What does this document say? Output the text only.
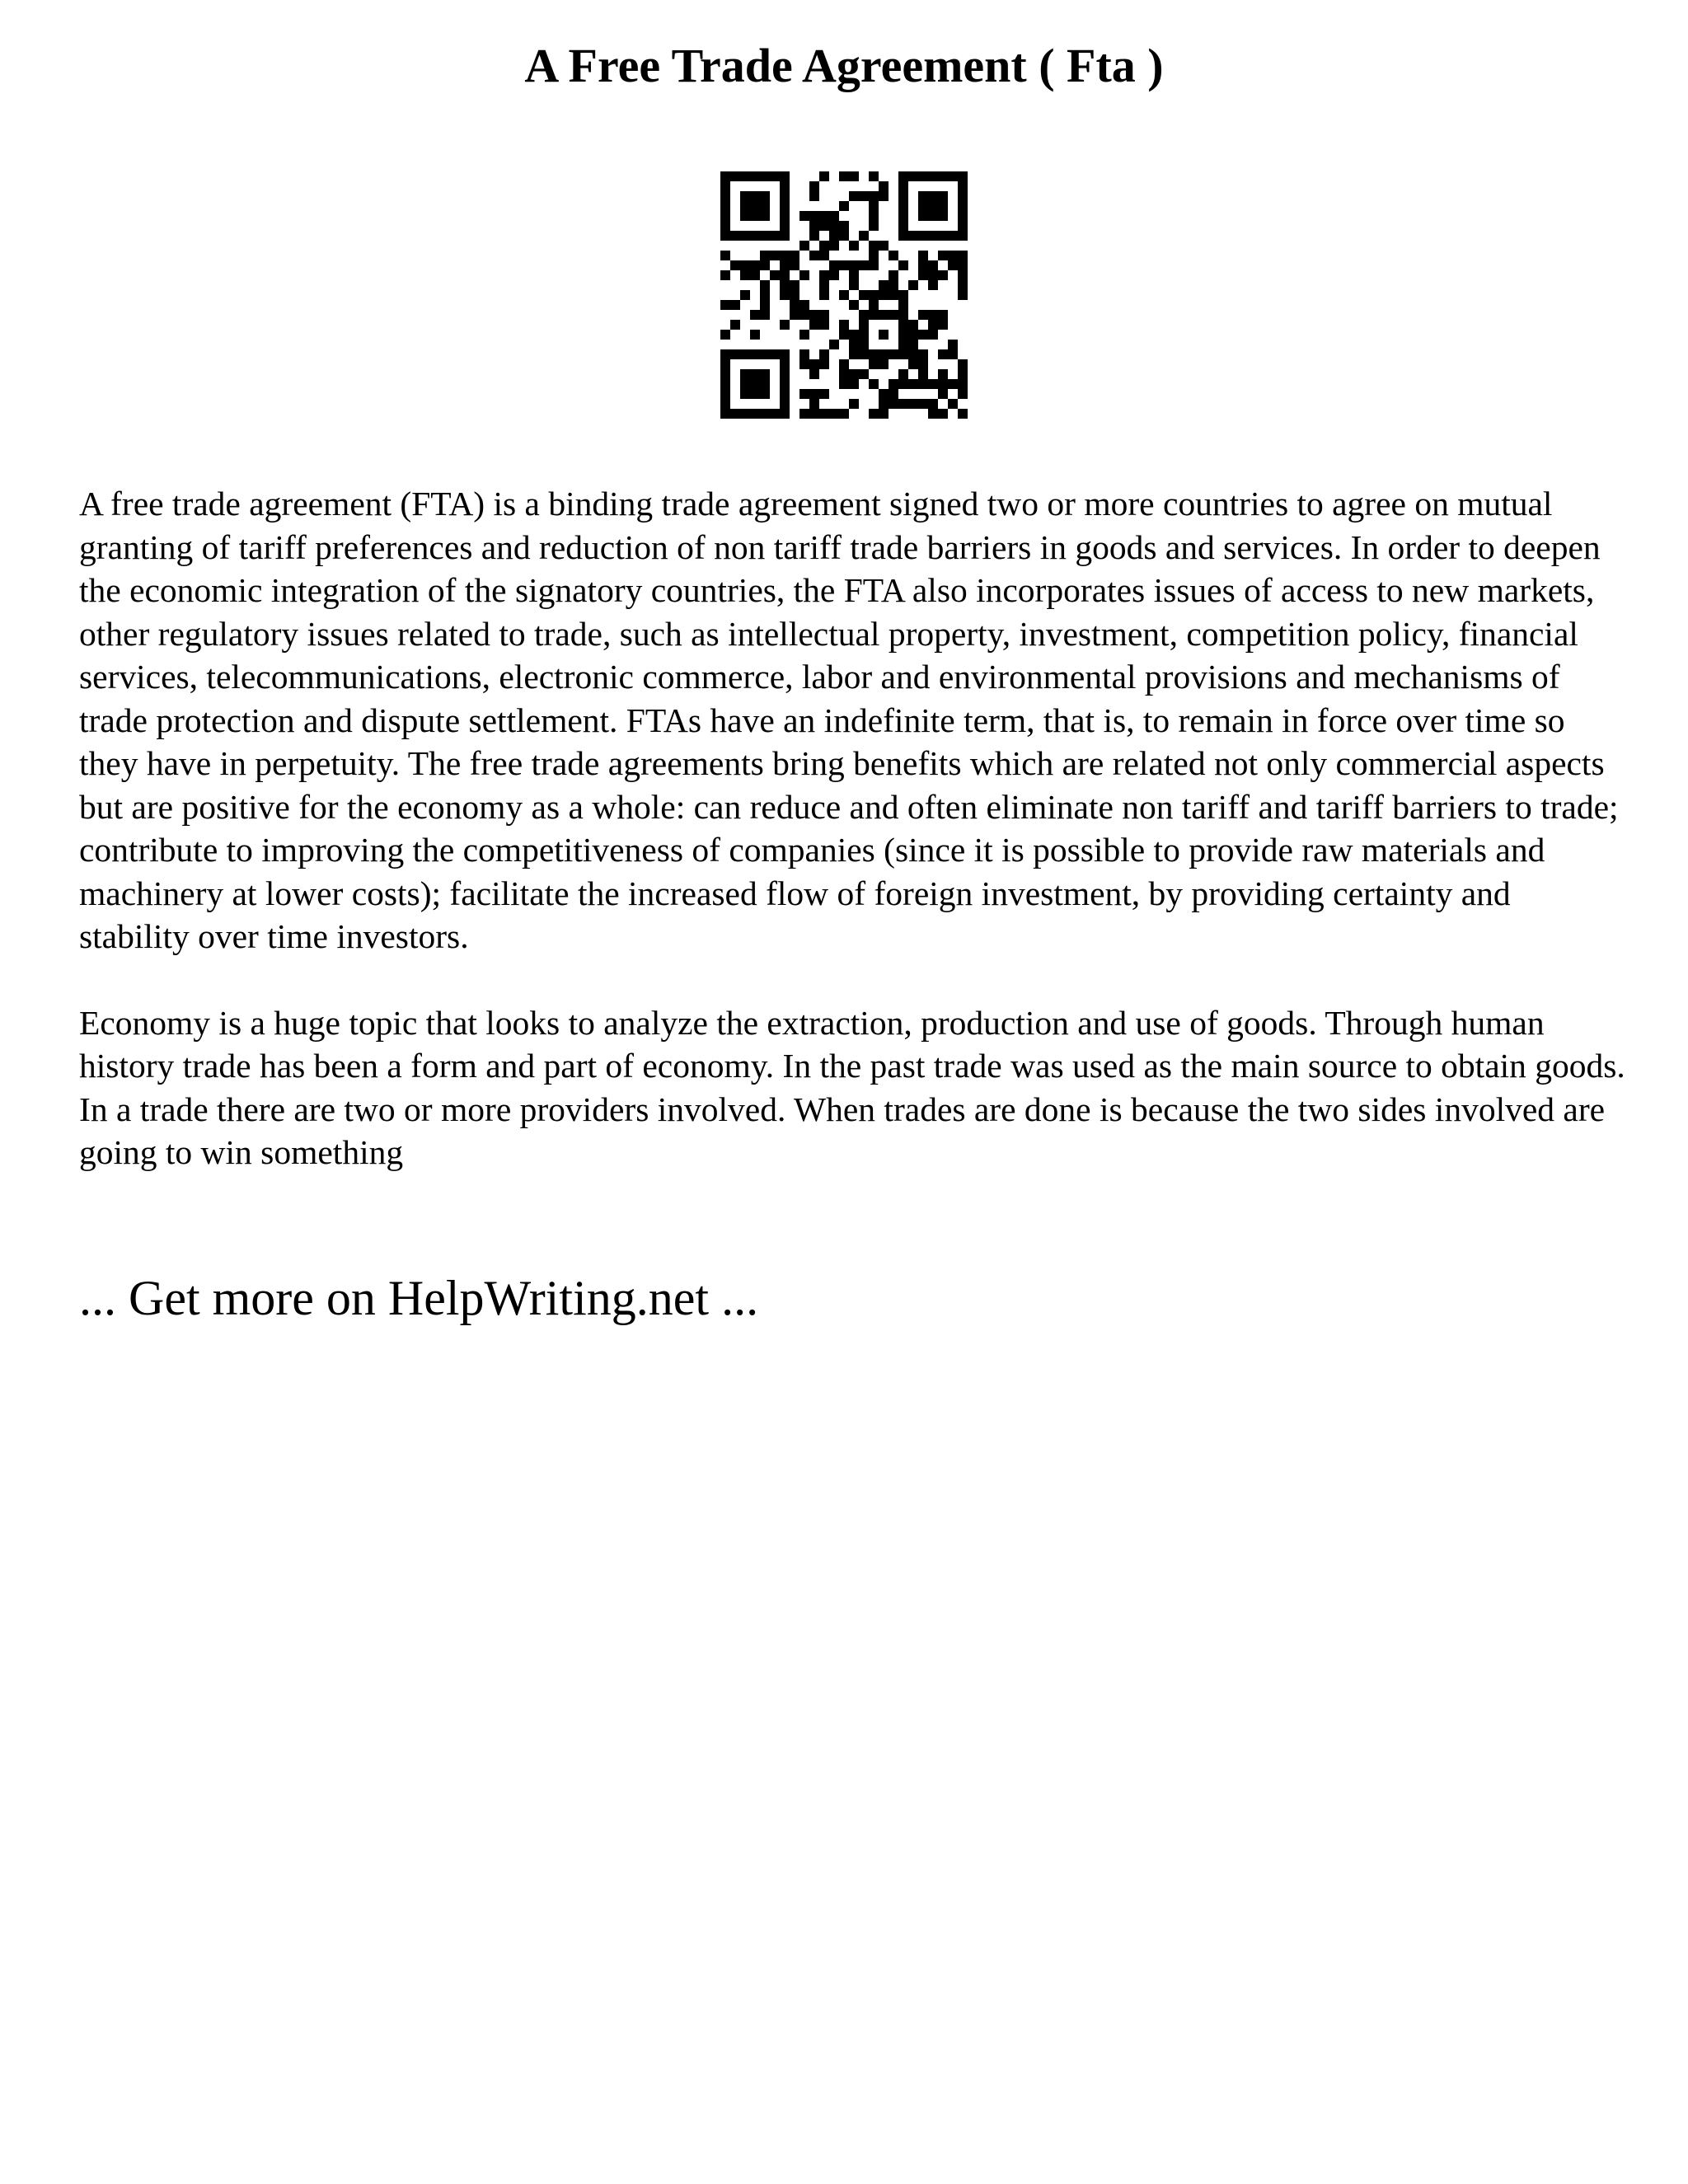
A Free Trade Agreement ( Fta )

A free trade agreement (FTA) is a binding trade agreement signed two or more countries to agree on mutual granting of tariff preferences and reduction of non tariff trade barriers in goods and services. In order to deepen the economic integration of the signatory countries, the FTA also incorporates issues of access to new markets, other regulatory issues related to trade, such as intellectual property, investment, competition policy, financial services, telecommunications, electronic commerce, labor and environmental provisions and mechanisms of trade protection and dispute settlement. FTAs have an indefinite term, that is, to remain in force over time so they have in perpetuity. The free trade agreements bring benefits which are related not only commercial aspects but are positive for the economy as a whole: can reduce and often eliminate non tariff and tariff barriers to trade; contribute to improving the competitiveness of companies (since it is possible to provide raw materials and machinery at lower costs); facilitate the increased flow of foreign investment, by providing certainty and stability over time investors.

Economy is a huge topic that looks to analyze the extraction, production and use of goods. Through human history trade has been a form and part of economy. In the past trade was used as the main source to obtain goods. In a trade there are two or more providers involved. When trades are done is because the two sides involved are going to win something

... Get more on HelpWriting.net ...
